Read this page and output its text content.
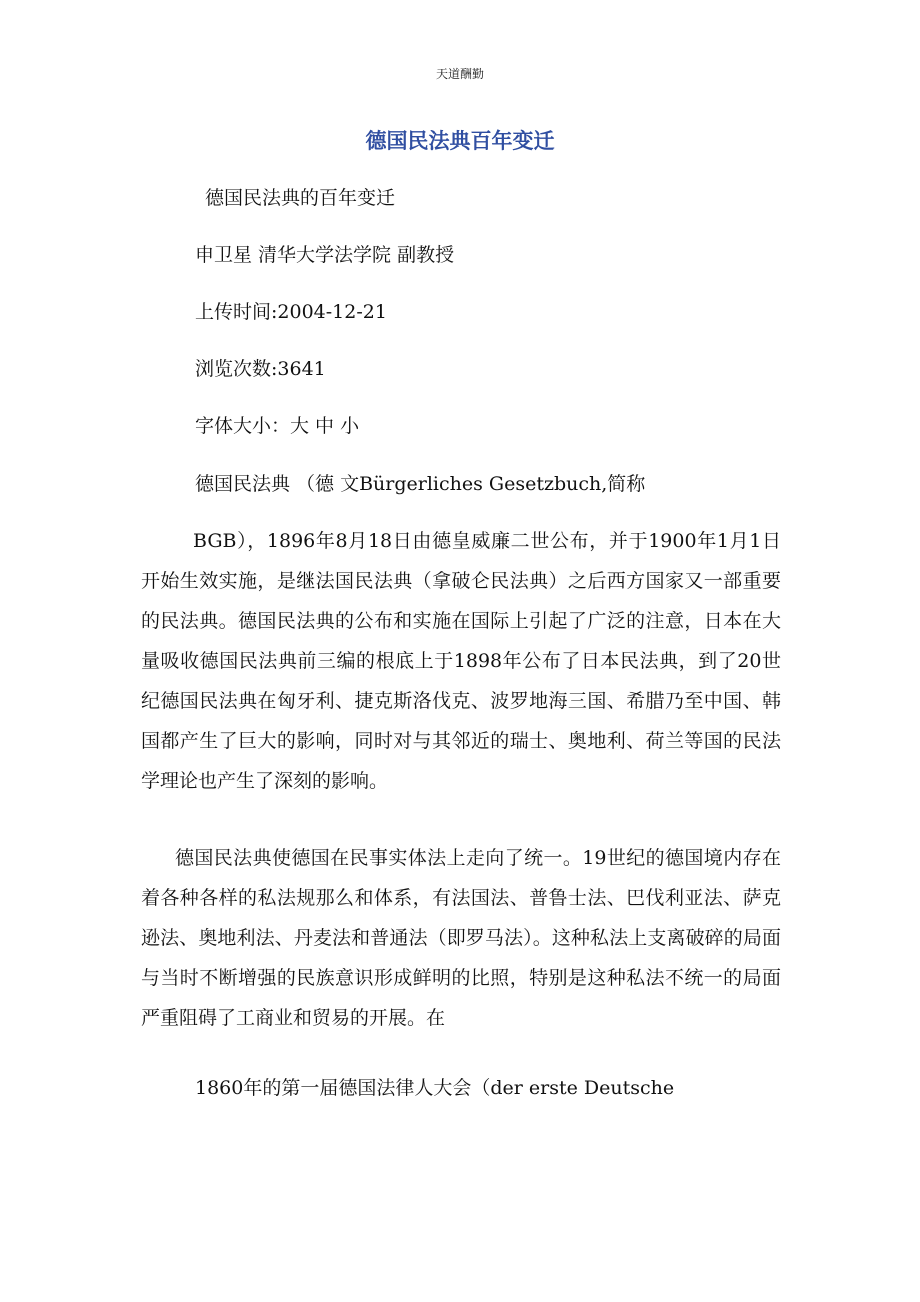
天道酬勤
德国民法典百年变迁
德国民法典的百年变迁
申卫星 清华大学法学院 副教授
上传时间:2004-12-21
浏览次数:3641
字体大小：大 中 小
德国民法典 （德 文Bürgerliches Gesetzbuch,简称

BGB），1896年8月18日由德皇威廉二世公布，并于1900年1月1日开始生效实施，是继法国民法典（拿破仑民法典）之后西方国家又一部重要的民法典。德国民法典的公布和实施在国际上引起了广泛的注意，日本在大量吸收德国民法典前三编的根底上于1898年公布了日本民法典，到了20世纪德国民法典在匈牙利、捷克斯洛伐克、波罗地海三国、希腊乃至中国、韩国都产生了巨大的影响，同时对与其邻近的瑞士、奥地利、荷兰等国的民法学理论也产生了深刻的影响。

德国民法典使德国在民事实体法上走向了统一。19世纪的德国境内存在着各种各样的私法规那么和体系，有法国法、普鲁士法、巴伐利亚法、萨克逊法、奥地利法、丹麦法和普通法（即罗马法）。这种私法上支离破碎的局面与当时不断增强的民族意识形成鲜明的比照，特别是这种私法不统一的局面严重阻碍了工商业和贸易的开展。在

1860年的第一届德国法律人大会（der erste Deutsche
